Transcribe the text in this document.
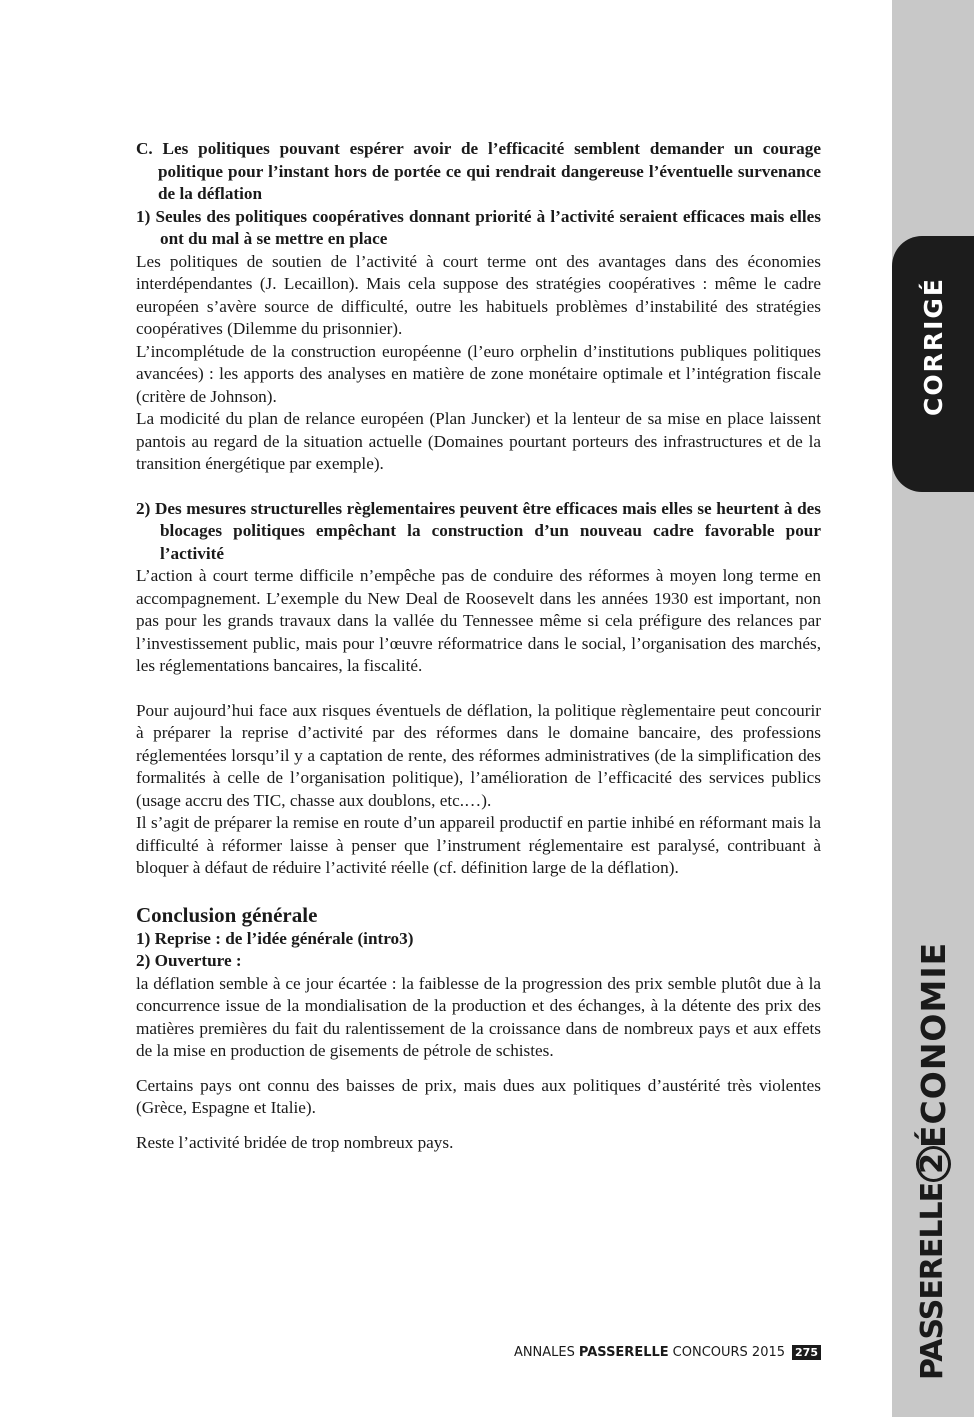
CORRIGÉ
ÉCONOMIE
PASSERELLE2

C. Les politiques pouvant espérer avoir de l’efficacité semblent demander un courage politique pour l’instant hors de portée ce qui rendrait dangereuse l’éventuelle survenance de la déflation

1) Seules des politiques coopératives donnant priorité à l’activité seraient efficaces mais elles ont du mal à se mettre en place

Les politiques de soutien de l’activité à court terme ont des avantages dans des économies interdépendantes (J. Lecaillon). Mais cela suppose des stratégies coopératives : même le cadre européen s’avère source de difficulté, outre les habituels problèmes d’instabilité des stratégies coopératives (Dilemme du prisonnier).

L’incomplétude de la construction européenne (l’euro orphelin d’institutions publiques politiques avancées) : les apports des analyses en matière de zone monétaire optimale et l’intégration fiscale (critère de Johnson).

La modicité du plan de relance européen (Plan Juncker) et la lenteur de sa mise en place laissent pantois au regard de la situation actuelle (Domaines pourtant porteurs des infrastructures et de la transition énergétique par exemple).

2) Des mesures structurelles règlementaires peuvent être efficaces mais elles se heurtent à des blocages politiques empêchant la construction d’un nouveau cadre favorable pour l’activité

L’action à court terme difficile n’empêche pas de conduire des réformes à moyen long terme en accompagnement. L’exemple du New Deal de Roosevelt dans les années 1930 est important, non pas pour les grands travaux dans la vallée du Tennessee même si cela préfigure des relances par l’investissement public, mais pour l’œuvre réformatrice dans le social, l’organisation des marchés, les réglementations bancaires, la fiscalité.

Pour aujourd’hui face aux risques éventuels de déflation, la politique règlementaire peut concourir à préparer la reprise d’activité par des réformes dans le domaine bancaire, des professions réglementées lorsqu’il y a captation de rente, des réformes administratives (de la simplification des formalités à celle de l’organisation politique), l’amélioration de l’efficacité des services publics (usage accru des TIC, chasse aux doublons, etc.…).

Il s’agit de préparer la remise en route d’un appareil productif en partie inhibé en réformant mais la difficulté à réformer laisse à penser que l’instrument réglementaire est paralysé, contribuant à bloquer à défaut de réduire l’activité réelle (cf. définition large de la déflation).

Conclusion générale

1) Reprise : de l’idée générale (intro3)

2) Ouverture :

la déflation semble à ce jour écartée : la faiblesse de la progression des prix semble plutôt due à la concurrence issue de la mondialisation de la production et des échanges, à la détente des prix des matières premières du fait du ralentissement de la croissance dans de nombreux pays et aux effets de la mise en production de gisements de pétrole de schistes.

Certains pays ont connu des baisses de prix, mais dues aux politiques d’austérité très violentes (Grèce, Espagne et Italie).

Reste l’activité bridée de trop nombreux pays.

ANNALES PASSERELLE CONCOURS 2015 275
